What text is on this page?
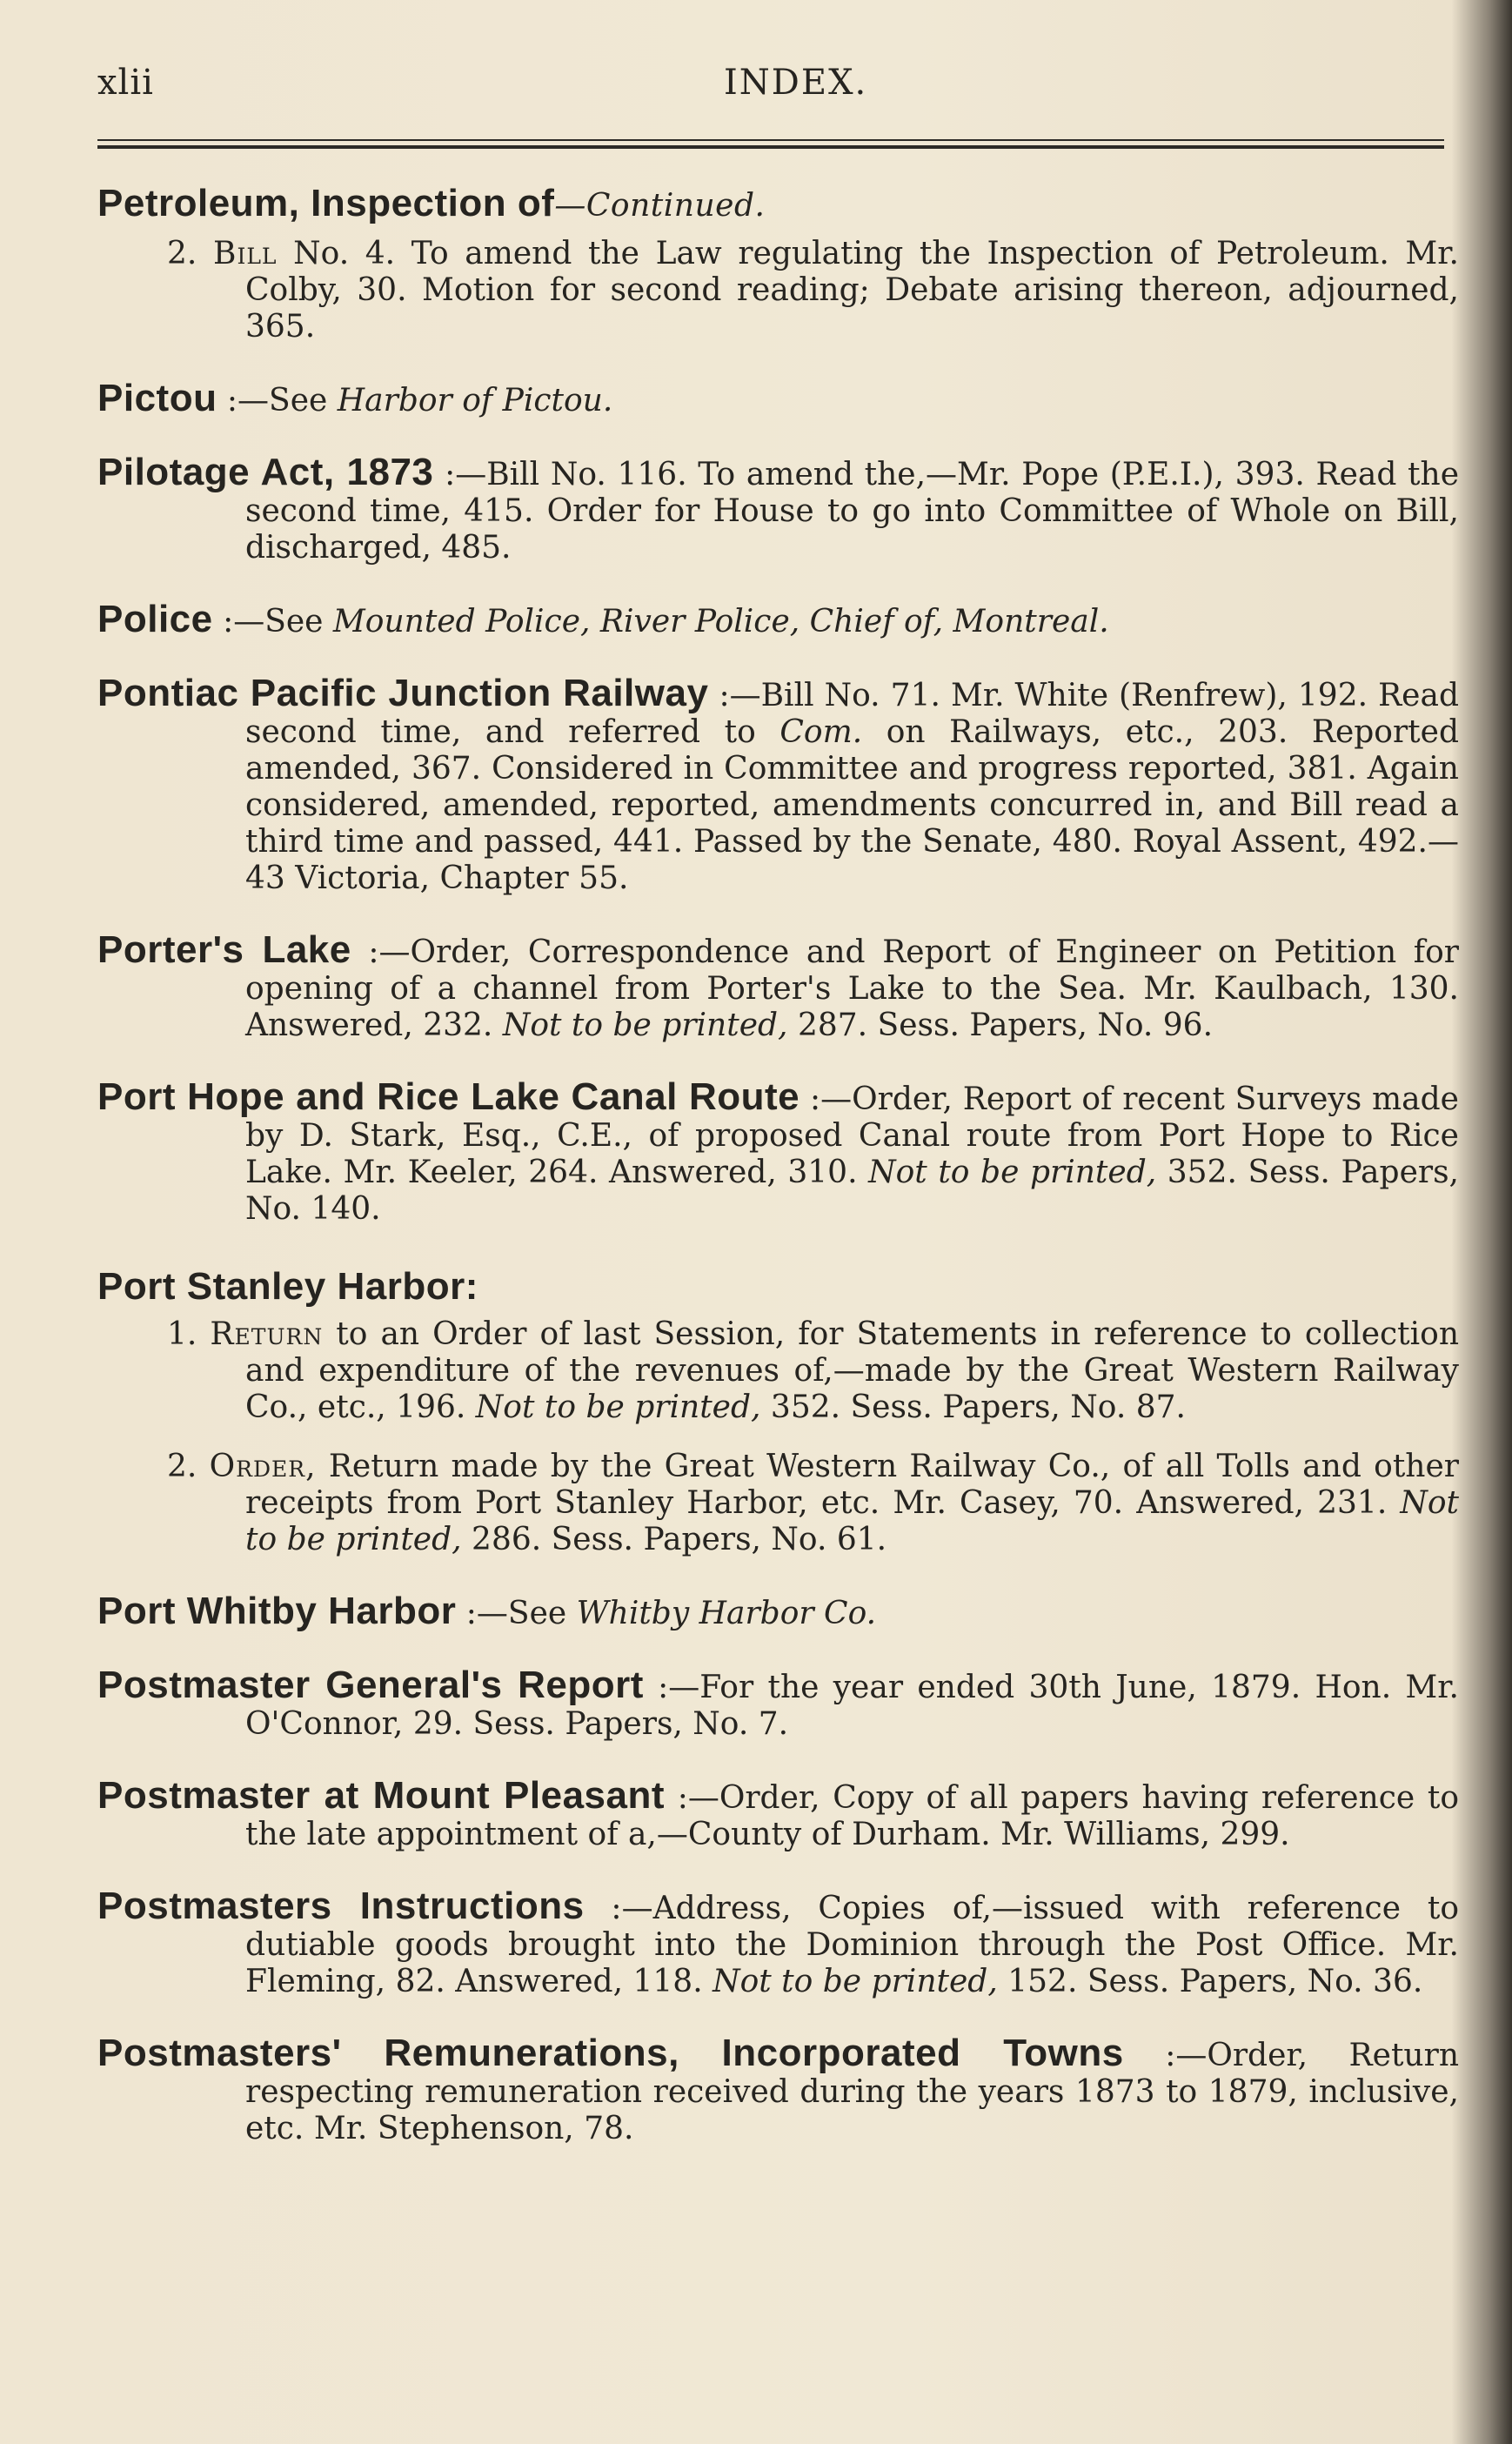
xlii	INDEX.
Petroleum, Inspection of—Continued.
2. Bill No. 4. To amend the Law regulating the Inspection of Petroleum. Mr. Colby, 30. Motion for second reading; Debate arising thereon, adjourned, 365.
Pictou :—See Harbor of Pictou.
Pilotage Act, 1873 :—Bill No. 116. To amend the,—Mr. Pope (P.E.I.), 393. Read the second time, 415. Order for House to go into Committee of Whole on Bill, discharged, 485.
Police :—See Mounted Police, River Police, Chief of, Montreal.
Pontiac Pacific Junction Railway :—Bill No. 71. Mr. White (Renfrew), 192. Read second time, and referred to Com. on Railways, etc., 203. Reported amended, 367. Considered in Committee and progress reported, 381. Again considered, amended, reported, amendments concurred in, and Bill read a third time and passed, 441. Passed by the Senate, 480. Royal Assent, 492.—43 Victoria, Chapter 55.
Porter's Lake :—Order, Correspondence and Report of Engineer on Petition for opening of a channel from Porter's Lake to the Sea. Mr. Kaulbach, 130. Answered, 232. Not to be printed, 287. Sess. Papers, No. 96.
Port Hope and Rice Lake Canal Route :—Order, Report of recent Surveys made by D. Stark, Esq., C.E., of proposed Canal route from Port Hope to Rice Lake. Mr. Keeler, 264. Answered, 310. Not to be printed, 352. Sess. Papers, No. 140.
Port Stanley Harbor:
1. Return to an Order of last Session, for Statements in reference to collection and expenditure of the revenues of,—made by the Great Western Railway Co., etc., 196. Not to be printed, 352. Sess. Papers, No. 87.
2. Order, Return made by the Great Western Railway Co., of all Tolls and other receipts from Port Stanley Harbor, etc. Mr. Casey, 70. Answered, 231. Not to be printed, 286. Sess. Papers, No. 61.
Port Whitby Harbor :—See Whitby Harbor Co.
Postmaster General's Report :—For the year ended 30th June, 1879. Hon. Mr. O'Connor, 29. Sess. Papers, No. 7.
Postmaster at Mount Pleasant :—Order, Copy of all papers having reference to the late appointment of a,—County of Durham. Mr. Williams, 299.
Postmasters Instructions :—Address, Copies of,—issued with reference to dutiable goods brought into the Dominion through the Post Office. Mr. Fleming, 82. Answered, 118. Not to be printed, 152. Sess. Papers, No. 36.
Postmasters' Remunerations, Incorporated Towns :—Order, Return respecting remuneration received during the years 1873 to 1879, inclusive, etc. Mr. Stephenson, 78.
